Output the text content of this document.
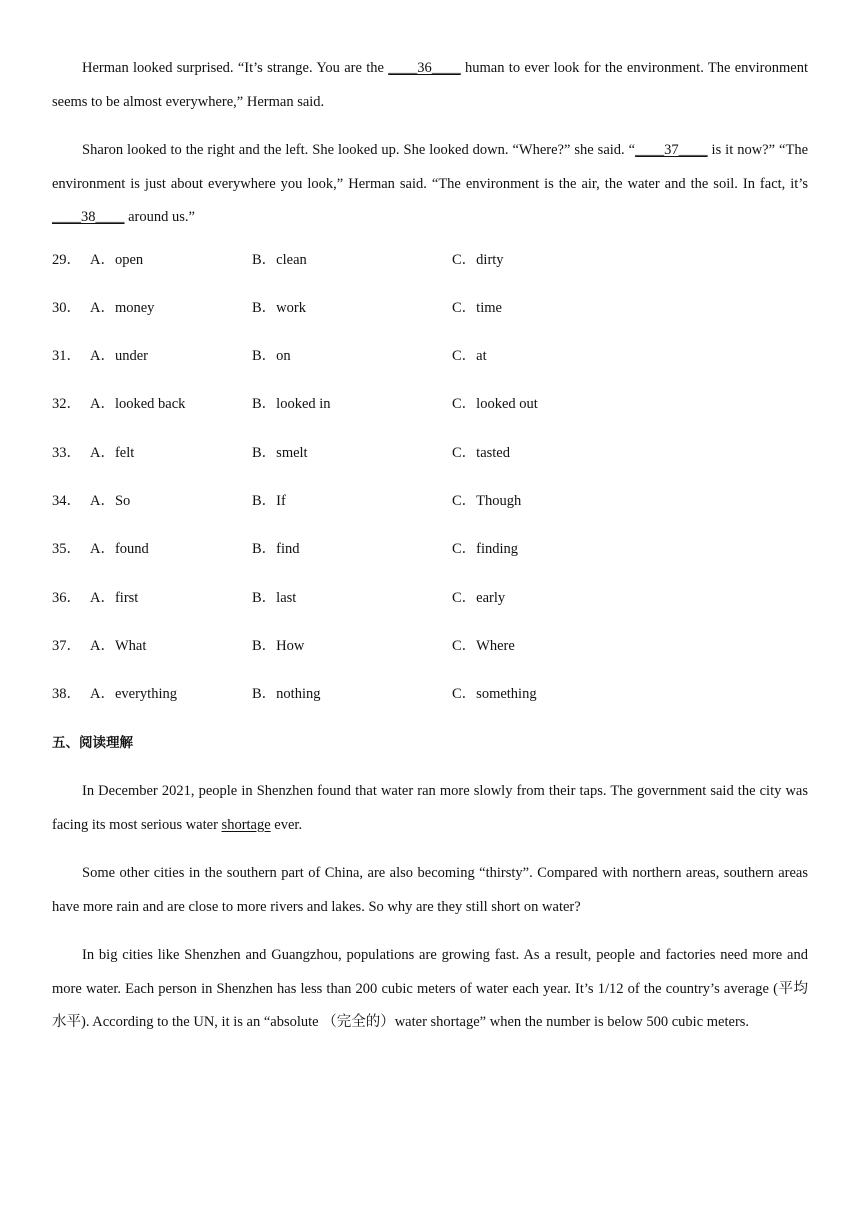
Herman looked surprised. “It’s strange. You are the ____36____ human to ever look for the environment. The environment seems to be almost everywhere,” Herman said.

Sharon looked to the right and the left. She looked up. She looked down. “Where?” she said. “____37____ is it now?” “The environment is just about everywhere you look,” Herman said. “The environment is the air, the water and the soil. In fact, it’s ____38____ around us.”

29． A．open	B．clean	C．dirty
30． A．money	B．work	C．time
31． A．under	B．on	C．at
32． A．looked back	B．looked in	C．looked out
33． A．felt	B．smelt	C．tasted
34． A．So	B．If	C．Though
35． A．found	B．find	C．finding
36． A．first	B．last	C．early
37． A．What	B．How	C．Where
38． A．everything	B．nothing	C．something
五、阅读理解

In December 2021, people in Shenzhen found that water ran more slowly from their taps. The government said the city was facing its most serious water shortage ever.

Some other cities in the southern part of China, are also becoming “thirsty”. Compared with northern areas, southern areas have more rain and are close to more rivers and lakes. So why are they still short on water?

In big cities like Shenzhen and Guangzhou, populations are growing fast. As a result, people and factories need more and more water. Each person in Shenzhen has less than 200 cubic meters of water each year. It’s 1/12 of the country’s average (平均水平). According to the UN, it is an “absolute （完全的）water shortage” when the number is below 500 cubic meters.
